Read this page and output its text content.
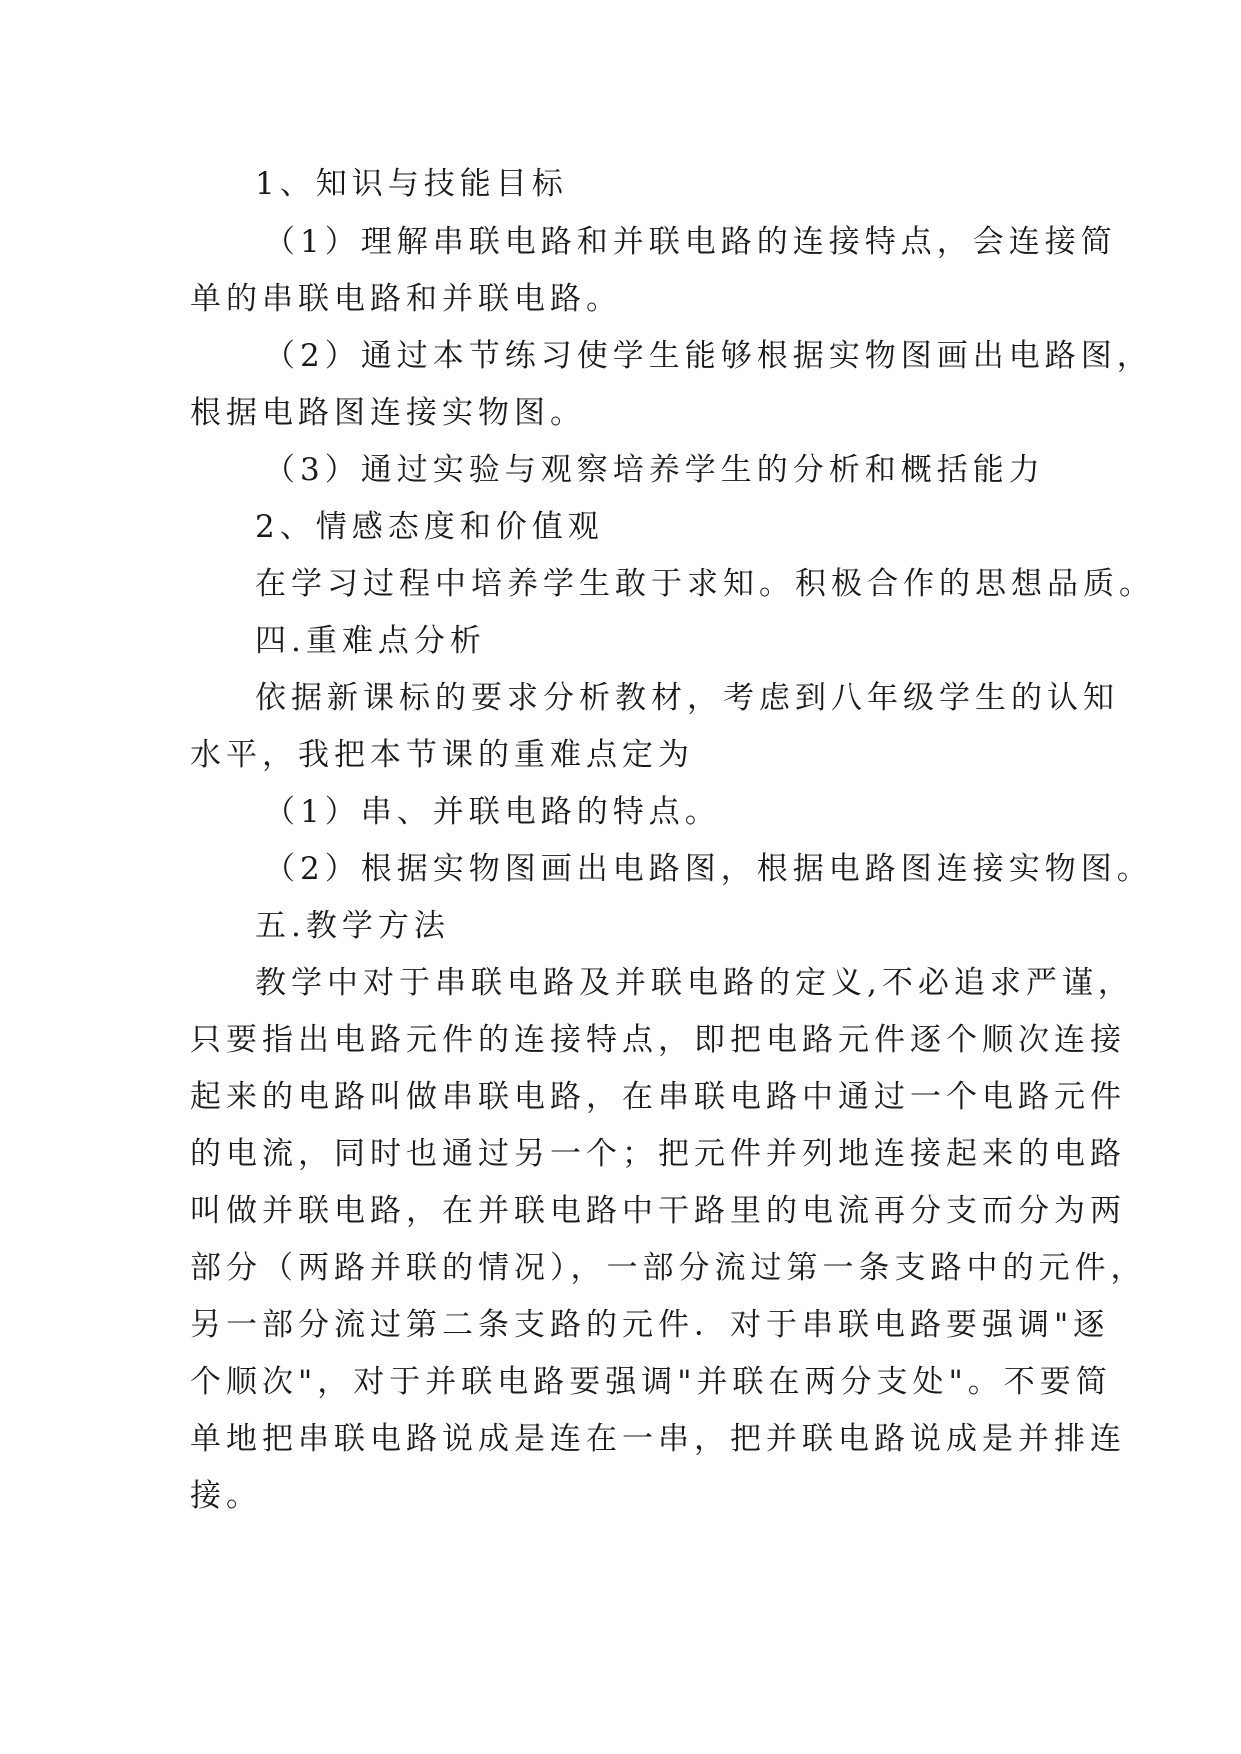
1、知识与技能目标
（1）理解串联电路和并联电路的连接特点，会连接简
单的串联电路和并联电路。
（2）通过本节练习使学生能够根据实物图画出电路图，
根据电路图连接实物图。
（3）通过实验与观察培养学生的分析和概括能力
2、情感态度和价值观
在学习过程中培养学生敢于求知。积极合作的思想品质。
四.重难点分析
依据新课标的要求分析教材，考虑到八年级学生的认知
水平，我把本节课的重难点定为
（1）串、并联电路的特点。
（2）根据实物图画出电路图，根据电路图连接实物图。
五.教学方法
教学中对于串联电路及并联电路的定义,不必追求严谨，
只要指出电路元件的连接特点，即把电路元件逐个顺次连接
起来的电路叫做串联电路，在串联电路中通过一个电路元件
的电流，同时也通过另一个；把元件并列地连接起来的电路
叫做并联电路，在并联电路中干路里的电流再分支而分为两
部分（两路并联的情况），一部分流过第一条支路中的元件，
另一部分流过第二条支路的元件．对于串联电路要强调"逐
个顺次"，对于并联电路要强调"并联在两分支处"。不要简
单地把串联电路说成是连在一串，把并联电路说成是并排连
接。
